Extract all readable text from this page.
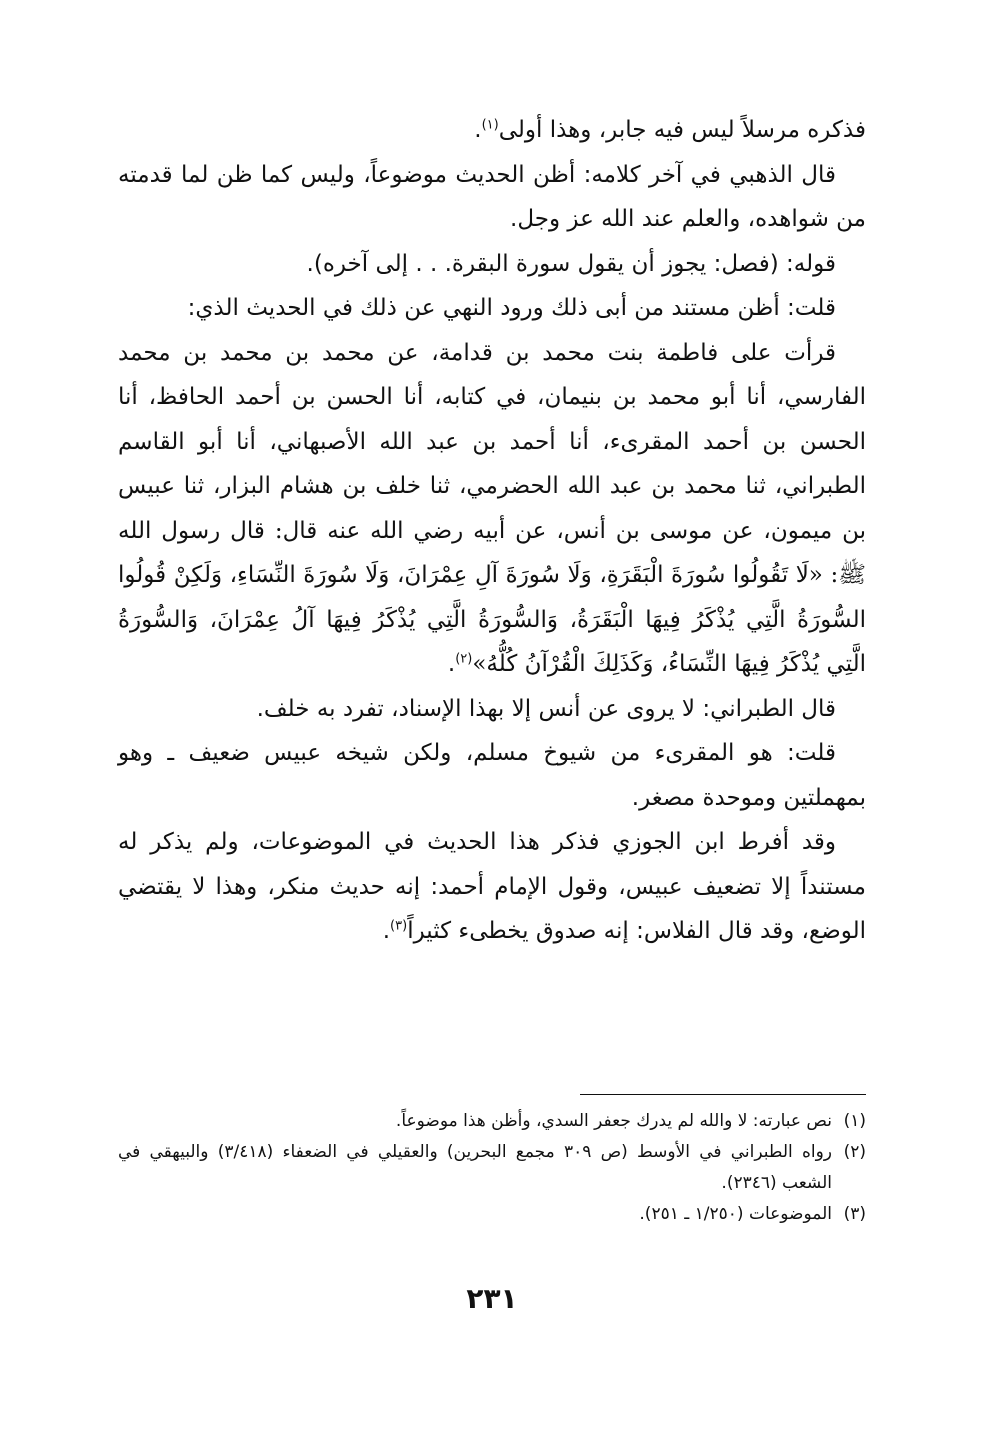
فذكره مرسلاً ليس فيه جابر، وهذا أولى$^{(١)}$.

قال الذهبي في آخر كلامه: أظن الحديث موضوعاً، وليس كما ظن لما قدمته من شواهده، والعلم عند الله عز وجل.

قوله: (فصل: يجوز أن يقول سورة البقرة. . . إلى آخره).

قلت: أظن مستند من أبى ذلك ورود النهي عن ذلك في الحديث الذي:

قرأت على فاطمة بنت محمد بن قدامة، عن محمد بن محمد بن محمد الفارسي، أنا أبو محمد بن بنيمان، في كتابه، أنا الحسن بن أحمد الحافظ، أنا الحسن بن أحمد المقرىء، أنا أحمد بن عبد الله الأصبهاني، أنا أبو القاسم الطبراني، ثنا محمد بن عبد الله الحضرمي، ثنا خلف بن هشام البزار، ثنا عبيس بن ميمون، عن موسى بن أنس، عن أبيه رضي الله عنه قال: قال رسول الله ﷺ: «لَا تَقُولُوا سُورَةَ الْبَقَرَةِ، وَلَا سُورَةَ آلِ عِمْرَانَ، وَلَا سُورَةَ النِّسَاءِ، وَلَكِنْ قُولُوا السُّورَةُ الَّتِي يُذْكَرُ فِيهَا الْبَقَرَةُ، وَالسُّورَةُ الَّتِي يُذْكَرُ فِيهَا آلُ عِمْرَانَ، وَالسُّورَةُ الَّتِي يُذْكَرُ فِيهَا النِّسَاءُ، وَكَذَلِكَ الْقُرْآنُ كُلُّهُ»$^{(٢)}$.

قال الطبراني: لا يروى عن أنس إلا بهذا الإسناد، تفرد به خلف.

قلت: هو المقرىء من شيوخ مسلم، ولكن شيخه عبيس ضعيف ـ وهو بمهملتين وموحدة مصغر.

وقد أفرط ابن الجوزي فذكر هذا الحديث في الموضوعات، ولم يذكر له مستنداً إلا تضعيف عبيس، وقول الإمام أحمد: إنه حديث منكر، وهذا لا يقتضي الوضع، وقد قال الفلاس: إنه صدوق يخطىء كثيراً$^{(٣)}$.

(١)
نص عبارته: لا والله لم يدرك جعفر السدي، وأظن هذا موضوعاً.

(٢)
رواه الطبراني في الأوسط (ص ٣٠٩ مجمع البحرين) والعقيلي في الضعفاء (٣/٤١٨) والبيهقي في الشعب (٢٣٤٦).

(٣)
الموضوعات (١/٢٥٠ ـ ٢٥١).

٢٣١
